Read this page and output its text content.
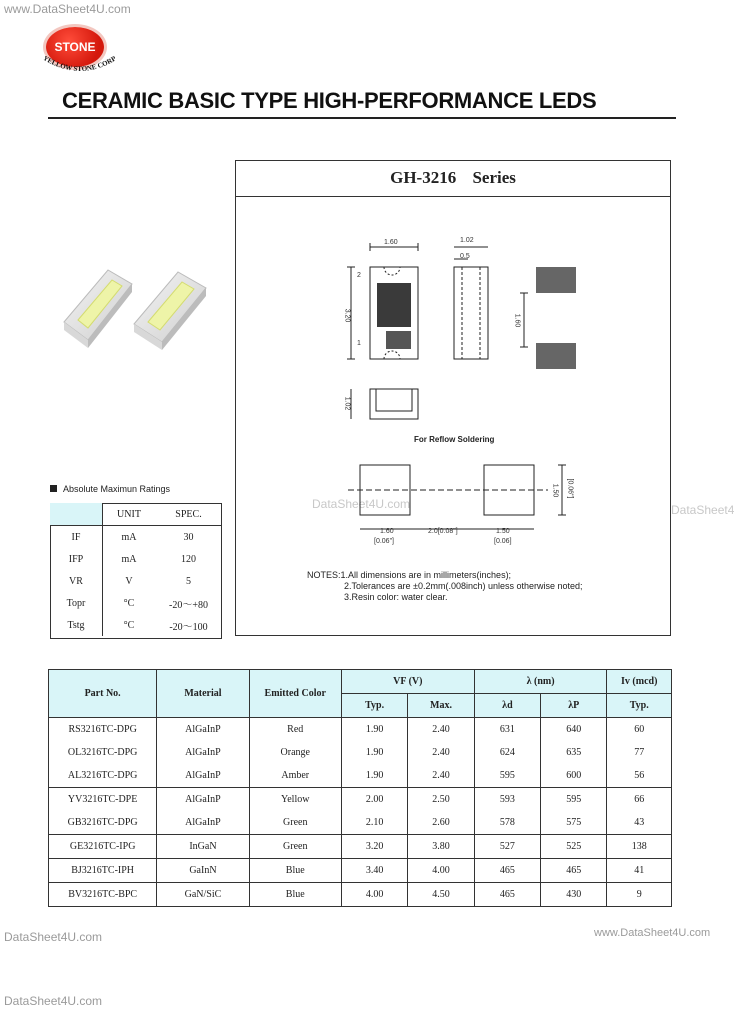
www.DataSheet4U.com
DataSheet4U.com	DataSheet4
DataSheet4U.com	www.DataSheet4U.com
DataSheet4U.com
STONE
YELLOW STONE CORP
CERAMIC BASIC TYPE HIGH-PERFORMANCE LEDS
GH-3216 Series
1.60	1.02
0.5
3.20	1.60
1.02
2
1
For Reflow Soldering
1.60
[0.06"]
2.0[0.08"]	1.50
[0.06]
1.50 [0.06"]
NOTES:1.All dimensions are in millimeters(inches);
2.Tolerances are ±0.2mm(.008inch) unless otherwise noted;
3.Resin color: water clear.
Absolute Maximun Ratings
	UNIT	SPEC.
IF	mA	30
IFP	mA	120
VR	V	5
Topr	°C	-20～+80
Tstg	°C	-20～100
Part No.	Material	Emitted Color	VF (V)		λ (nm)		Iv (mcd)
			Typ.	Max.	λd	λP	Typ.
RS3216TC-DPG	AlGaInP	Red	1.90	2.40	631	640	60
OL3216TC-DPG	AlGaInP	Orange	1.90	2.40	624	635	77
AL3216TC-DPG	AlGaInP	Amber	1.90	2.40	595	600	56
YV3216TC-DPE	AlGaInP	Yellow	2.00	2.50	593	595	66
GB3216TC-DPG	AlGaInP	Green	2.10	2.60	578	575	43
GE3216TC-IPG	InGaN	Green	3.20	3.80	527	525	138
BJ3216TC-IPH	GaInN	Blue	3.40	4.00	465	465	41
BV3216TC-BPC	GaN/SiC	Blue	4.00	4.50	465	430	9
